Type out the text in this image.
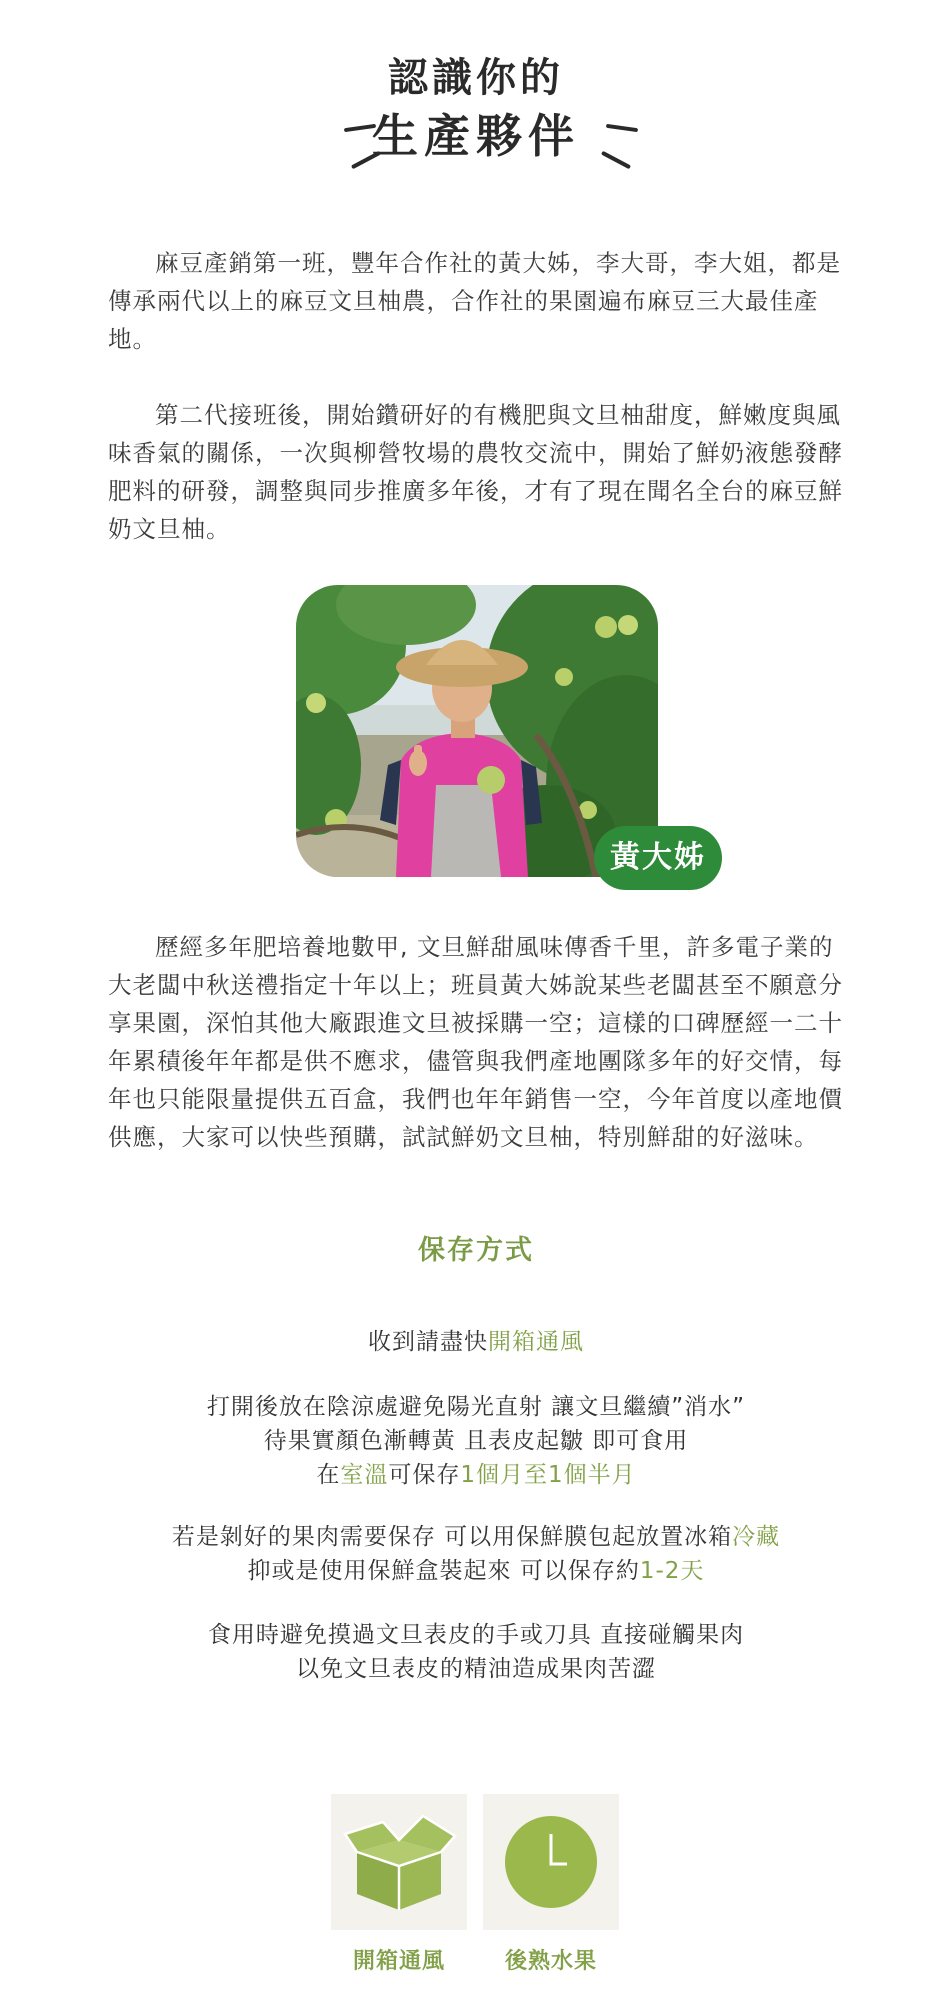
認識你的
生產夥伴

麻豆產銷第一班，豐年合作社的黃大姊，李大哥，李大姐，都是傳承兩代以上的麻豆文旦柚農，合作社的果園遍布麻豆三大最佳產地。

第二代接班後，開始鑽研好的有機肥與文旦柚甜度，鮮嫩度與風味香氣的關係，一次與柳營牧場的農牧交流中，開始了鮮奶液態發酵肥料的研發，調整與同步推廣多年後，才有了現在聞名全台的麻豆鮮奶文旦柚。

黃大姊

歷經多年肥培養地數甲, 文旦鮮甜風味傳香千里，許多電子業的大老闆中秋送禮指定十年以上；班員黃大姊說某些老闆甚至不願意分享果園，深怕其他大廠跟進文旦被採購一空；這樣的口碑歷經一二十年累積後年年都是供不應求，儘管與我們產地團隊多年的好交情，每年也只能限量提供五百盒，我們也年年銷售一空，今年首度以產地價供應，大家可以快些預購，試試鮮奶文旦柚，特別鮮甜的好滋味。

保存方式
收到請盡快開箱通風
打開後放在陰涼處避免陽光直射 讓文旦繼續”消水”
待果實顏色漸轉黃 且表皮起皺 即可食用
在室溫可保存1個月至1個半月
若是剝好的果肉需要保存 可以用保鮮膜包起放置冰箱冷藏
抑或是使用保鮮盒裝起來 可以保存約1-2天
食用時避免摸過文旦表皮的手或刀具 直接碰觸果肉
以免文旦表皮的精油造成果肉苦澀
開箱通風	後熟水果
